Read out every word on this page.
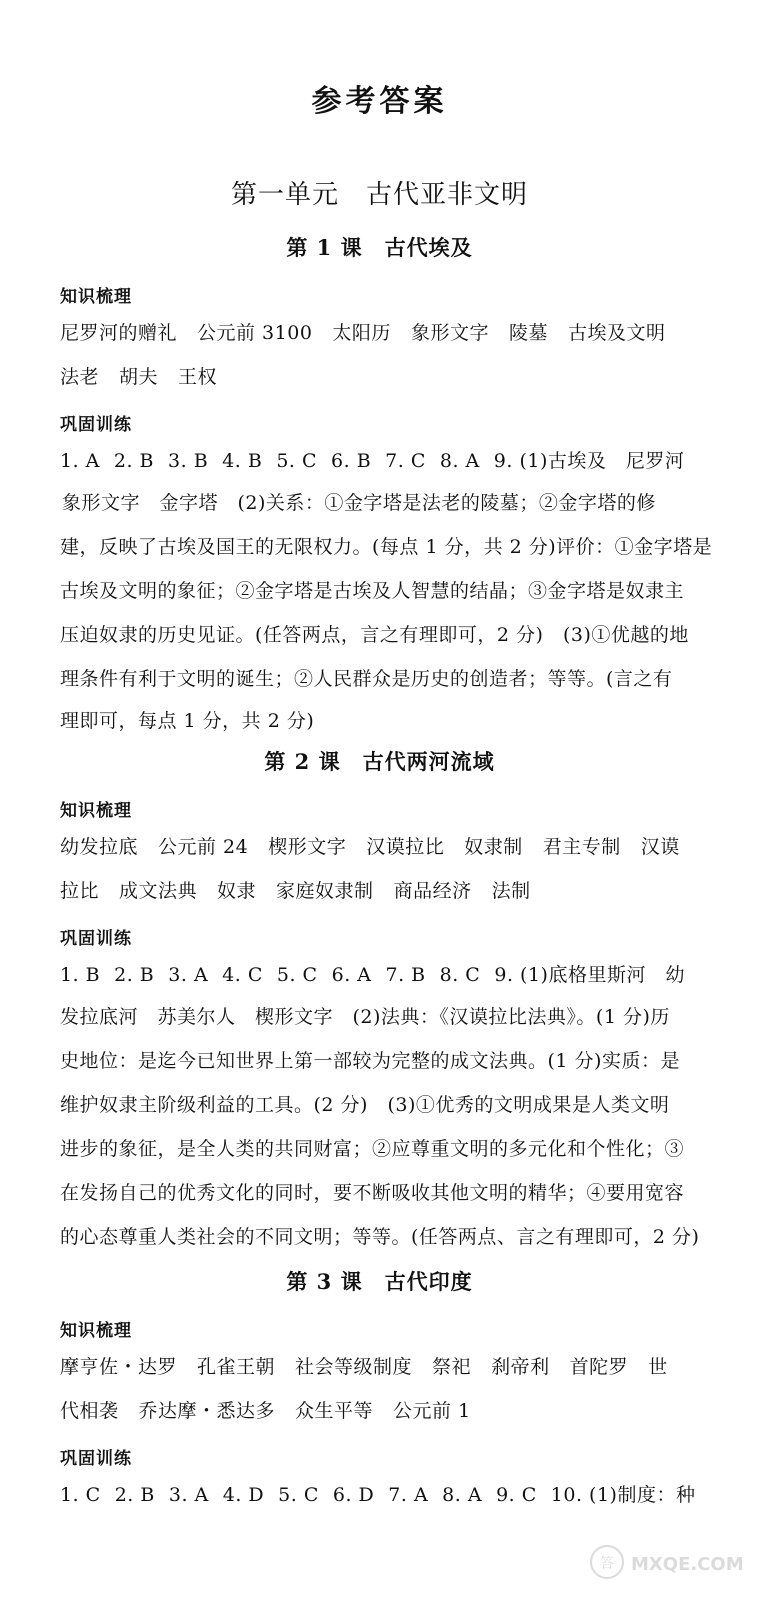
参考答案
第一单元　古代亚非文明
第 1 课 古代埃及
知识梳理
尼罗河的赠礼 公元前 3100 太阳历 象形文字 陵墓 古埃及文明
法老 胡夫 王权
巩固训练
1. A 2. B 3. B 4. B 5. C 6. B 7. C 8. A 9. (1)古埃及　尼罗河
象形文字　金字塔　(2)关系：①金字塔是法老的陵墓；②金字塔的修
建，反映了古埃及国王的无限权力。(每点 1 分，共 2 分)评价：①金字塔是
古埃及文明的象征；②金字塔是古埃及人智慧的结晶；③金字塔是奴隶主
压迫奴隶的历史见证。(任答两点，言之有理即可，2 分)　(3)①优越的地
理条件有利于文明的诞生；②人民群众是历史的创造者；等等。(言之有
理即可，每点 1 分，共 2 分)
第 2 课 古代两河流域
知识梳理
幼发拉底 公元前 24 楔形文字 汉谟拉比 奴隶制 君主专制 汉谟
拉比 成文法典 奴隶 家庭奴隶制 商品经济 法制
巩固训练
1. B 2. B 3. A 4. C 5. C 6. A 7. B 8. C 9. (1)底格里斯河　幼
发拉底河　苏美尔人　楔形文字　(2)法典：《汉谟拉比法典》。(1 分)历
史地位：是迄今已知世界上第一部较为完整的成文法典。(1 分)实质：是
维护奴隶主阶级利益的工具。(2 分)　(3)①优秀的文明成果是人类文明
进步的象征，是全人类的共同财富；②应尊重文明的多元化和个性化；③
在发扬自己的优秀文化的同时，要不断吸收其他文明的精华；④要用宽容
的心态尊重人类社会的不同文明；等等。(任答两点、言之有理即可，2 分)
第 3 课 古代印度
知识梳理
摩亨佐・达罗 孔雀王朝 社会等级制度 祭祀 刹帝利 首陀罗 世
代相袭 乔达摩・悉达多 众生平等 公元前 1
巩固训练
1. C 2. B 3. A 4. D 5. C 6. D 7. A 8. A 9. C 10. (1)制度：种
答 MXQE.COM
